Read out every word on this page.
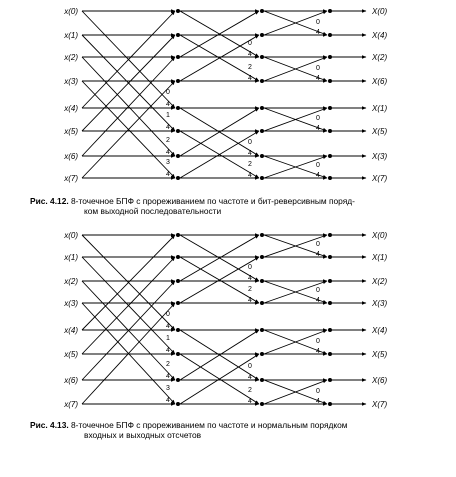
x(0)
x(1)
x(2)
x(3)
x(4)
x(5)
x(6)
x(7)
X(0)
X(4)
X(2)
X(6)
X(1)
X(5)
X(3)
X(7)
0
4
1
4
2
4
3
4
0
4
2
4
0
4
2
4
0
4
0
4
0
4
0
4
x(0)
x(1)
x(2)
x(3)
x(4)
x(5)
x(6)
x(7)
X(0)
X(1)
X(2)
X(3)
X(4)
X(5)
X(6)
X(7)
0
4
1
4
2
4
3
4
0
4
2
4
0
4
2
4
0
4
0
4
0
4
0
4
Рис. 4.12. 8-точечное БПФ с прореживанием по частоте и бит-реверсивным поряд-
ком выходной последовательности
Рис. 4.13. 8-точечное БПФ с прореживанием по частоте и нормальным порядком
входных и выходных отсчетов
